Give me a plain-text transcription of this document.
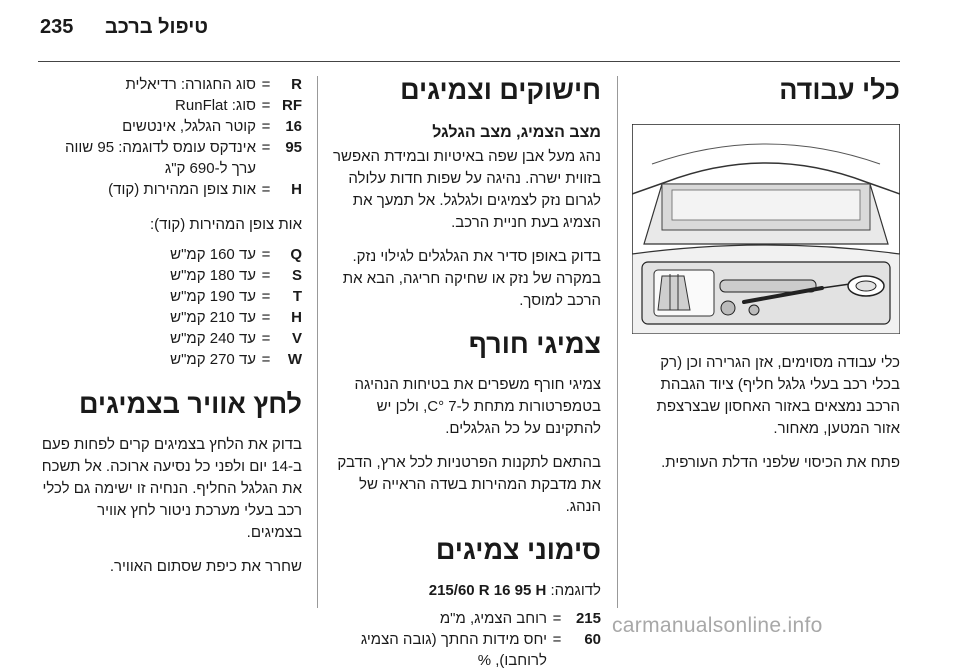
235 טיפול ברכב
כלי עבודה

כלי עבודה מסוימים, אזן הגרירה וכן (רק בכלי רכב בעלי גלגל חליף) ציוד הגבהת הרכב נמצאים באזור האחסון שבצרצפת אזור המטען, מאחור.

פתח את הכיסוי שלפני הדלת העורפית.

חישוקים וצמיגים
מצב הצמיג, מצב הגלגל

נהג מעל אבן שפה באיטיות ובמידת האפשר בזווית ישרה. נהיגה על שפות חדות עלולה לגרום נזק לצמיגים ולגלגל. אל תמעך את הצמיג בעת חניית הרכב.

בדוק באופן סדיר את הגלגלים לגילוי נזק. במקרה של נזק או שחיקה חריגה, הבא את הרכב למוסך.

צמיגי חורף

צמיגי חורף משפרים את בטיחות הנהיגה בטמפרטורות מתחת ל-7 °C, ולכן יש להתקינם על כל הגלגלים.

בהתאם לתקנות הפרטניות לכל ארץ, הדבק את מדבקת המהירות בשדה הראייה של הנהג.

סימוני צמיגים
לדוגמה: 215/60 R 16 95 H
215
=
רוחב הצמיג, מ"מ
60
=
יחס מידות החתך (גובה הצמיג לרוחבו), %
R
=
סוג החגורה: רדיאלית
RF
=
סוג: RunFlat
16
=
קוטר הגלגל, אינטשים
95
=
אינדקס עומס לדוגמה: 95 שווה ערך ל-690 ק"ג
H
=
אות צופן המהירות (קוד)
אות צופן המהירות (קוד):
Q
=
עד 160 קמ"ש
S
=
עד 180 קמ"ש
T
=
עד 190 קמ"ש
H
=
עד 210 קמ"ש
V
=
עד 240 קמ"ש
W
=
עד 270 קמ"ש
לחץ אוויר בצמיגים

בדוק את הלחץ בצמיגים קרים לפחות פעם ב-14 יום ולפני כל נסיעה ארוכה. אל תשכח את הגלגל החליף. הנחיה זו ישימה גם לכלי רכב בעלי מערכת ניטור לחץ אוויר בצמיגים.

שחרר את כיפת שסתום האוויר.

carmanualsonline.info
